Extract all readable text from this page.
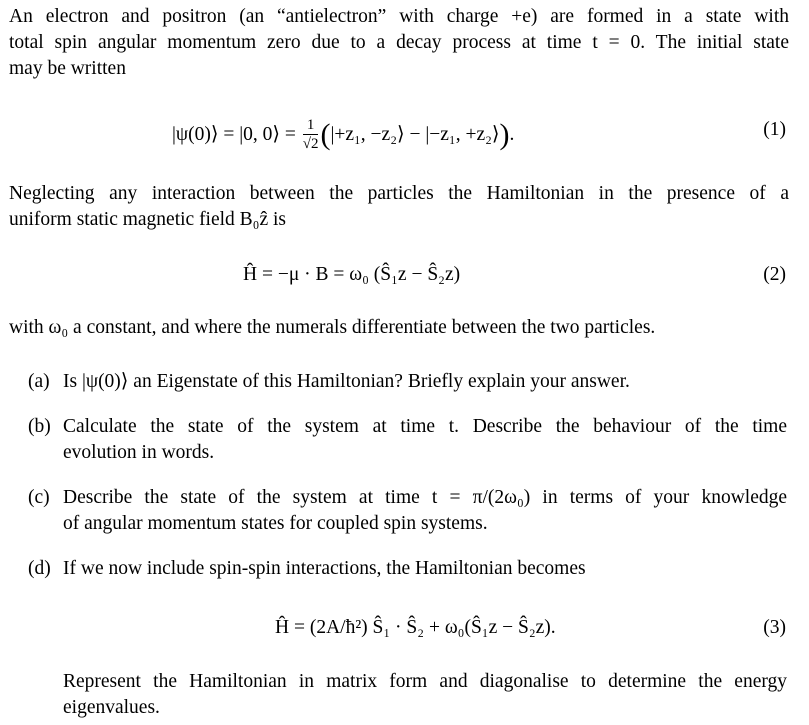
An electron and positron (an “antielectron” with charge +e) are formed in a state with
total spin angular momentum zero due to a decay process at time t = 0. The initial state
may be written
|ψ(0)⟩ = |0, 0⟩ = $\frac{1}{√2} (|+z_1$, −z₂⟩ − |−z₁, +z₂⟩).	(1)
Neglecting any interaction between the particles the Hamiltonian in the presence of a
uniform static magnetic field B₀ẑ is
Ĥ = −μ · B = ω₀ (Ŝ₁z − Ŝ₂z)	(2)
with ω₀ a constant, and where the numerals differentiate between the two particles.
(a) Is |ψ(0)⟩ an Eigenstate of this Hamiltonian? Briefly explain your answer.
(b) Calculate the state of the system at time t. Describe the behaviour of the time
evolution in words.
(c) Describe the state of the system at time t = π/(2ω₀) in terms of your knowledge
of angular momentum states for coupled spin systems.
(d) If we now include spin-spin interactions, the Hamiltonian becomes
Ĥ = (2A/ħ²) Ŝ₁ · Ŝ₂ + ω₀(Ŝ₁z − Ŝ₂z).	(3)
Represent the Hamiltonian in matrix form and diagonalise to determine the energy
eigenvalues.
